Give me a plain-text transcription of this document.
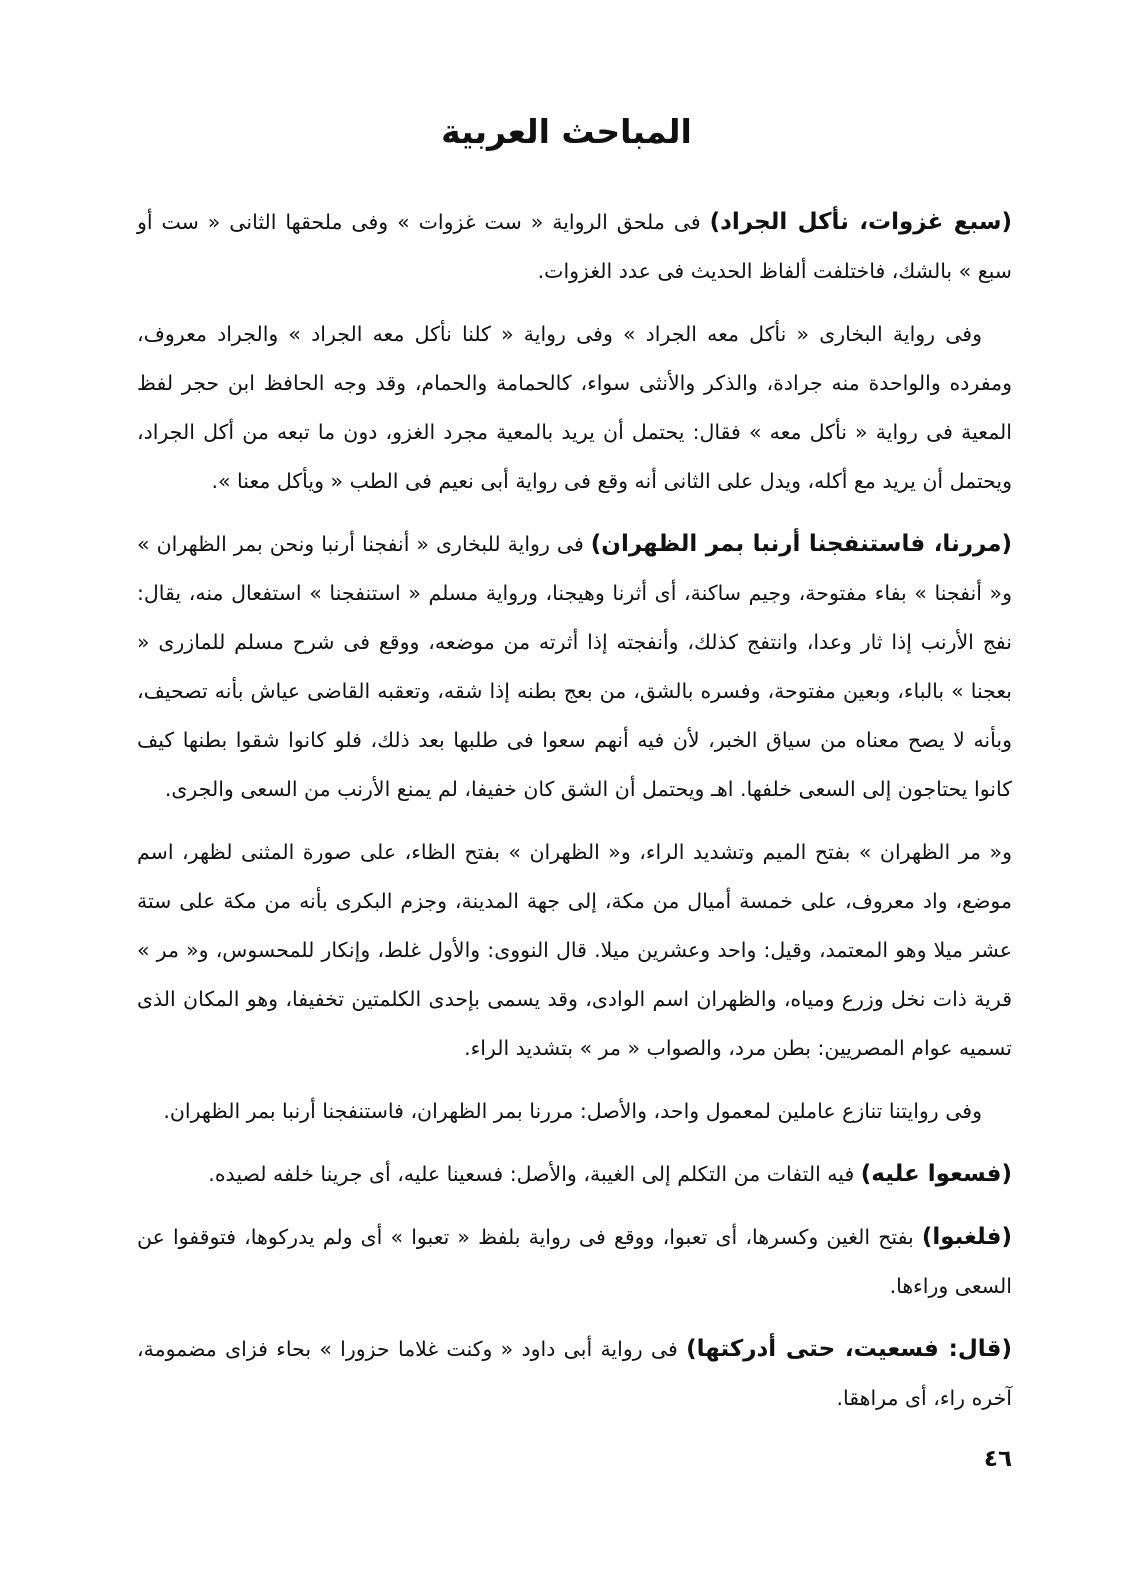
المباحث العربية

(سبع غزوات، نأكل الجراد) فى ملحق الرواية « ست غزوات » وفى ملحقها الثانى « ست أو سبع » بالشك، فاختلفت ألفاظ الحديث فى عدد الغزوات.

وفى رواية البخارى « نأكل معه الجراد » وفى رواية « كلنا نأكل معه الجراد » والجراد معروف، ومفرده والواحدة منه جرادة، والذكر والأنثى سواء، كالحمامة والحمام، وقد وجه الحافظ ابن حجر لفظ المعية فى رواية « نأكل معه » فقال: يحتمل أن يريد بالمعية مجرد الغزو، دون ما تبعه من أكل الجراد، ويحتمل أن يريد مع أكله، ويدل على الثانى أنه وقع فى رواية أبى نعيم فى الطب « ويأكل معنا ».

(مررنا، فاستنفجنا أرنبا بمر الظهران) فى رواية للبخارى « أنفجنا أرنبا ونحن بمر الظهران » و« أنفجنا » بفاء مفتوحة، وجيم ساكنة، أى أثرنا وهيجنا، ورواية مسلم « استنفجنا » استفعال منه، يقال: نفج الأرنب إذا ثار وعدا، وانتفج كذلك، وأنفجته إذا أثرته من موضعه، ووقع فى شرح مسلم للمازرى « بعجنا » بالباء، وبعين مفتوحة، وفسره بالشق، من بعج بطنه إذا شقه، وتعقبه القاضى عياش بأنه تصحيف، وبأنه لا يصح معناه من سياق الخبر، لأن فيه أنهم سعوا فى طلبها بعد ذلك، فلو كانوا شقوا بطنها كيف كانوا يحتاجون إلى السعى خلفها. اهـ ويحتمل أن الشق كان خفيفا، لم يمنع الأرنب من السعى والجرى.

و« مر الظهران » بفتح الميم وتشديد الراء، و« الظهران » بفتح الظاء، على صورة المثنى لظهر، اسم موضع، واد معروف، على خمسة أميال من مكة، إلى جهة المدينة، وجزم البكرى بأنه من مكة على ستة عشر ميلا وهو المعتمد، وقيل: واحد وعشرين ميلا. قال النووى: والأول غلط، وإنكار للمحسوس، و« مر » قرية ذات نخل وزرع ومياه، والظهران اسم الوادى، وقد يسمى بإحدى الكلمتين تخفيفا، وهو المكان الذى تسميه عوام المصريين: بطن مرد، والصواب « مر » بتشديد الراء.

وفى روايتنا تنازع عاملين لمعمول واحد، والأصل: مررنا بمر الظهران، فاستنفجنا أرنبا بمر الظهران.

(فسعوا عليه) فيه التفات من التكلم إلى الغيبة، والأصل: فسعينا عليه، أى جرينا خلفه لصيده.

(فلغبوا) بفتح الغين وكسرها، أى تعبوا، ووقع فى رواية بلفظ « تعبوا » أى ولم يدركوها، فتوقفوا عن السعى وراءها.

(قال: فسعيت، حتى أدركتها) فى رواية أبى داود « وكنت غلاما حزورا » بحاء فزاى مضمومة، آخره راء، أى مراهقا.

٤٦
